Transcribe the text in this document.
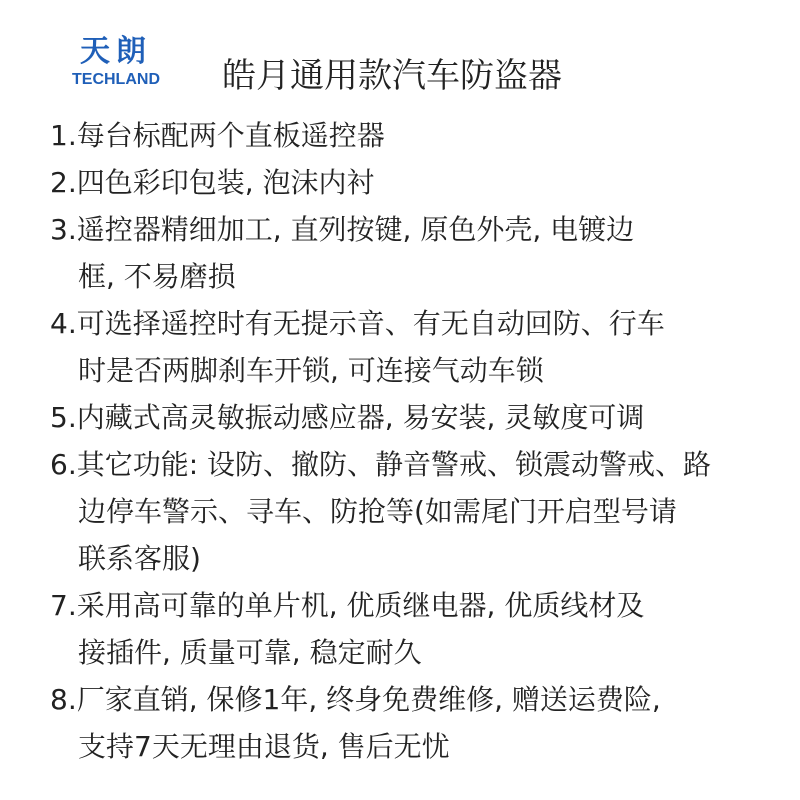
天朗
TECHLAND 皓月通用款汽车防盗器
1.每台标配两个直板遥控器
2.四色彩印包装, 泡沫内衬
3.遥控器精细加工, 直列按键, 原色外壳, 电镀边
框, 不易磨损
4.可选择遥控时有无提示音、有无自动回防、行车
时是否两脚刹车开锁, 可连接气动车锁
5.内藏式高灵敏振动感应器, 易安装, 灵敏度可调
6.其它功能: 设防、撤防、静音警戒、锁震动警戒、路
边停车警示、寻车、防抢等(如需尾门开启型号请
联系客服)
7.采用高可靠的单片机, 优质继电器, 优质线材及
接插件, 质量可靠, 稳定耐久
8.厂家直销, 保修1年, 终身免费维修, 赠送运费险,
支持7天无理由退货, 售后无忧
